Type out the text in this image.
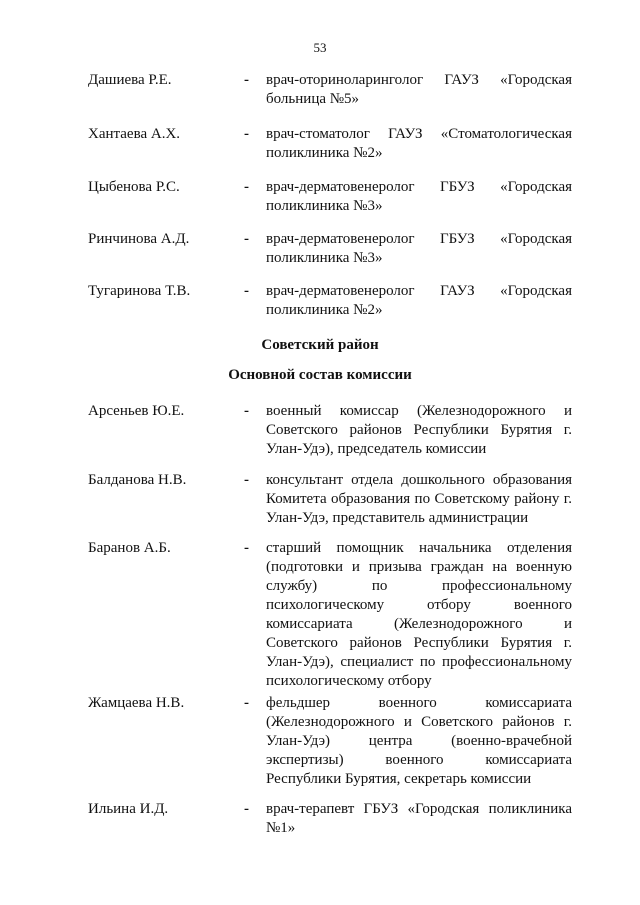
53
Дашиева Р.Е.	- врач-оториноларинголог ГАУЗ «Городская больница №5»
Хантаева А.Х.	- врач-стоматолог ГАУЗ «Стоматологическая поликлиника №2»
Цыбенова Р.С.	- врач-дерматовенеролог ГБУЗ «Городская поликлиника №3»
Ринчинова А.Д.	- врач-дерматовенеролог ГБУЗ «Городская поликлиника №3»
Тугаринова Т.В.	- врач-дерматовенеролог ГАУЗ «Городская поликлиника №2»
Советский район
Основной состав комиссии
Арсеньев Ю.Е.	- военный комиссар (Железнодорожного и Советского районов Республики Бурятия г. Улан-Удэ), председатель комиссии
Балданова Н.В.	- консультант отдела дошкольного образования Комитета образования по Советскому району г. Улан-Удэ, представитель администрации
Баранов А.Б.	- старший помощник начальника отделения (подготовки и призыва граждан на военную службу) по профессиональному психологическому отбору военного комиссариата (Железнодорожного и Советского районов Республики Бурятия г. Улан-Удэ), специалист по профессиональному психологическому отбору
Жамцаева Н.В.	- фельдшер военного комиссариата (Железнодорожного и Советского районов г. Улан-Удэ) центра (военно-врачебной экспертизы) военного комиссариата Республики Бурятия, секретарь комиссии
Ильина И.Д.	- врач-терапевт ГБУЗ «Городская поликлиника №1»
